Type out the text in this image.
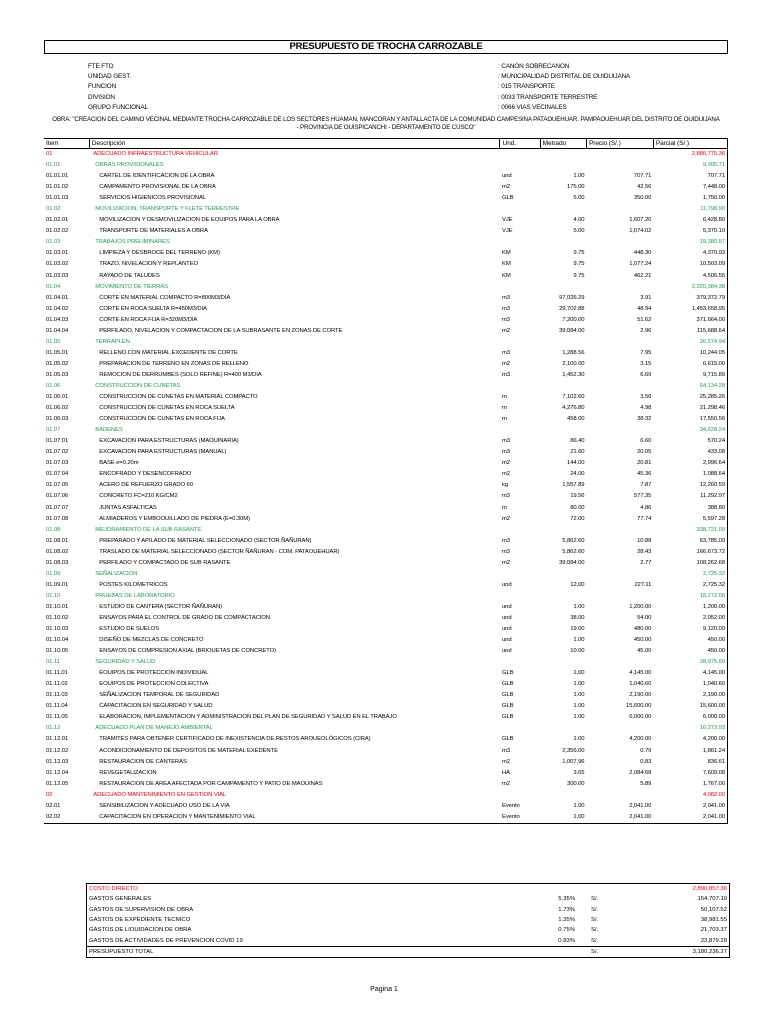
PRESUPUESTO DE TROCHA CARROZABLE
FTE FTO	: CANON SOBRECANON
UNIDAD GEST.	: MUNICIPALIDAD DISTRITAL DE OUIDUIJANA
FUNCION	: 015 TRANSPORTE
DIVISION	: 0033 TRANSPORTE TERRESTRE
GRUPO FUNCIONAL	: 0066 VIAS VECINALES
OBRA: "CREACION DEL CAMINO VECINAL MEDIANTE TROCHA CARROZABLE DE LOS SECTORES HUAMAN, MANCORAN Y ANTALLACTA DE LA COMUNIDAD CAMPESINA PATAOUEHUAR. PAMPAOUEHUAR DEL DISTRITO DE OUIDUIJANA - PROVINCIA DE OUISPICANCHI - DEPARTAMENTO DE CUSCO"
Item	Descripción	Und.	Metrado	Precio (S/.)	Parcial (S/.)
01	ADECUADO INFRAESTRUCTURA VEHICULAR				2,886,775.36
01.01	OBRAS PROVISIONALES				9,905.71
01.01.01	CARTEL DE IDENTIFICACION DE LA OBRA	und	1.00	707.71	707.71
01.01.02	CAMPAMENTO PROVISIONAL DE LA OBRA	m2	175.00	42.56	7,448.00
01.01.03	SERVICIOS HIGIENICOS PROVISIONAL	GLB	5.00	350.00	1,750.00
01.02	MOVILIZACION, TRANSPORTE Y FLETE TERRESTRE				11,798.90
01.02.01	MOVILIZACION Y DESMOVILIZACION DE EOUIPOS PARA LA OBRA	VJE	4.00	1,607.20	6,428.80
01.02.02	TRANSPORTE DE MATERIALES A OBRA	VJE	5.00	1,074.02	5,370.10
01.03	TRABAJOS PRELIMINARES				19,380.57
01.03.01	LIMPIEZA Y DESBROCE DEL TERRENO (KM)	KM	9.75	448.30	4,370.93
01.03.02	TRAZO, NIVELACION Y REPLANTEO	KM	9.75	1,077.24	10,503.09
01.03.03	RAYADO DE TALUDES	KM	9.75	462.21	4,506.55
01.04	MOVIMIENTO DE TIERRAS				2,320,384.38
01.04.01	CORTE EN MATERIAL COMPACTO R=800M3/DIA	m3	97,026.29	3.91	379,372.79
01.04.02	CORTE EN ROCA SUELTA R=450M3/DIA	m3	29,702.88	48.94	1,453,658.95
01.04.03	CORTE EN ROCA FIJA R=320M3/DIA	m3	7,200.00	51.62	371,664.00
01.04.04	PERFILADO, NIVELACION Y COMPACTACION DE LA SUBRASANTE EN ZONAS DE CORTE	m2	39,084.00	2.96	115,688.64
01.05	TERRAPLEN				26,574.94
01.05.01	RELLENO CON MATERIAL EXCEDENTE DE CORTE	m3	1,288.56	7.95	10,244.05
01.05.02	PREPARACION DE TERRENO EN ZONAS DE RELLENO	m2	2,100.00	3.15	6,615.00
01.05.03	REMOCION DE DERRUMBES (SOLO REFINE) R=400 M3/DIA	m3	1,452.30	6.69	9,715.89
01.06	CONSTRUCCION DE CUNETAS				64,134.28
01.06.01	CONSTRUCCION DE CUNETAS EN MATERIAL COMPACTO	m	7,102.60	3.56	25,285.26
01.06.02	CONSTRUCCION DE CUNETAS EN ROCA SUELTA	m	4,276.80	4.98	21,298.46
01.06.03	CONSTRUCCION DE CUNETAS EN ROCA FIJA	m	458.00	38.32	17,550.56
01.07	BADENES				34,628.24
01.07.01	EXCAVACION PARA ESTRUCTURAS (MAOUINARIA)	m3	86.40	6.60	570.24
01.07.02	EXCAVACION PARA ESTRUCTURAS (MANUAL)	m3	21.60	20.05	433.08
01.07.03	BASE e=0.20m	m2	144.00	20.81	2,996.64
01.07.04	ENCOFRADO Y DESENCOFRADO	m2	24.00	45.36	1,088.64
01.07.05	ACERO DE REFUERZO GRADO 60	kg	1,557.89	7.87	12,260.59
01.07.06	CONCRETO FC=210 KG/CM2	m3	19.56	577.35	11,292.97
01.07.07	JUNTAS ASFALTICAS	m	80.00	4.86	388.80
01.07.08	ALMIADEROS Y EMBOOUILLADO DE PIEDRA (E=0.30M)	m2	72.00	77.74	5,597.28
01.08	MEJORAMIENTO DE LA SUB RASANTE				338,721.09
01.08.01	PREPARADO Y APILADO DE MATERIAL SELECCIONADO (SECTOR ÑAÑURAN)	m3	5,862.60	10.88	63,785.09
01.08.02	TRASLADO DE MATERIAL SELECCIONADO (SECTOR ÑAÑURAN - COM. PATAOUEHUAR)	m3	5,862.60	28.43	166,673.72
01.08.03	PERFILADO Y COMPACTADO DE SUB RASANTE	m2	39,084.00	2.77	108,262.68
01.09	SEÑALIZACION				2,725.32
01.09.01	POSTES KILOMETRICOS	und	12.00	227.11	2,725.32
01.10	PRUEBAS DE LABORATORIO				18,272.00
01.10.01	ESTUDIO DE CANTERA (SECTOR ÑAÑURAN)	und	1.00	1,200.00	1,200.00
01.10.02	ENSAYOS PARA EL CONTROL DE GRADO DE COMPACTACION	und	38.00	54.00	2,052.00
01.10.03	ESTUDIO DE SUELOS	und	19.00	480.00	9,120.00
01.10.04	DISEÑO DE MEZCLAS DE CONCRETO	und	1.00	450.00	450.00
01.10.05	ENSAYOS DE COMPRESION AXIAL (BRIOUETAS DE CONCRETO)	und	10.00	45.00	450.00
01.11	SEGURIDAD Y SALUD				28,975.60
01.11.01	EOUIPOS DE PROTECCION INDIVIDUAL	GLB	1.00	4,145.00	4,145.00
01.11.02	EOUIPOS DE PROTECCION COLECTIVA	GLB	1.00	1,040.60	1,040.60
01.11.03	SEÑALIZACION TEMPORAL DE SEGURIDAD	GLB	1.00	2,190.00	2,190.00
01.11.04	CAPACITACION EN SEGURIDAD Y SALUD	GLB	1.00	15,600.00	15,600.00
01.11.05	ELABORACION, IMPLEMENTACION Y ADMINISTRACION DEL PLAN DE SEGURIDAD Y SALUD EN EL TRABAJO	GLB	1.00	6,000.00	6,000.00
01.12	ADECUADO PLAN DE MANEJO AMBIENTAL				16,273.93
01.12.01	TRAMITES PARA OBTENER CERTIFICADO DE INEXISTENCIA DE RESTOS AROUEOLÓGICOS (CIRA)	GLB	1.00	4,200.00	4,200.00
01.12.02	ACONDICIONAMIENTO DE DEPOSITOS DE MATERIAL EXEDENTE	m3	2,356.00	0.79	1,861.24
01.12.03	RESTAURACION DE CANTERAS	m2	1,007.96	0.83	836.61
01.12.04	REVEGETALIZACION	HA	3.65	2,084.68	7,609.08
01.12.05	RESTAURACION DE AREA AFECTADA POR CAMPAMENTO Y PATIO DE MAOUINAS	m2	300.00	5.89	1,767.00
02	ADECUADO MANTENIMIENTO EN GESTION VIAL				4,082.00
02.01	SENSIBILIZACION Y ADECUADO USO DE LA VIA	Evento	1.00	2,041.00	2,041.00
02.02	CAPACITACION EN OPERACION Y MANTENIMIENTO VIAL	Evento	1.00	2,041.00	2,041.00
COSTO DIRECTO			2,890,857.36
GASTOS GENERALES	5.35%	S/.	154,707.19
GASTOS DE SUPERVISION DE OBRA	1.73%	S/.	50,107.52
GASTOS DE EXPEDIENTE TECNICO	1.35%	S/.	38,981.55
GASTOS DE LIOUIDACION DE OBRA	0.75%	S/.	21,703.37
GASTOS DE ACTIVIDADES DE PREVENCION COVID 19	0.83%	S/.	23,879.28
PRESUPUESTO TOTAL		S/.	3,180,236.27
Pagina 1
